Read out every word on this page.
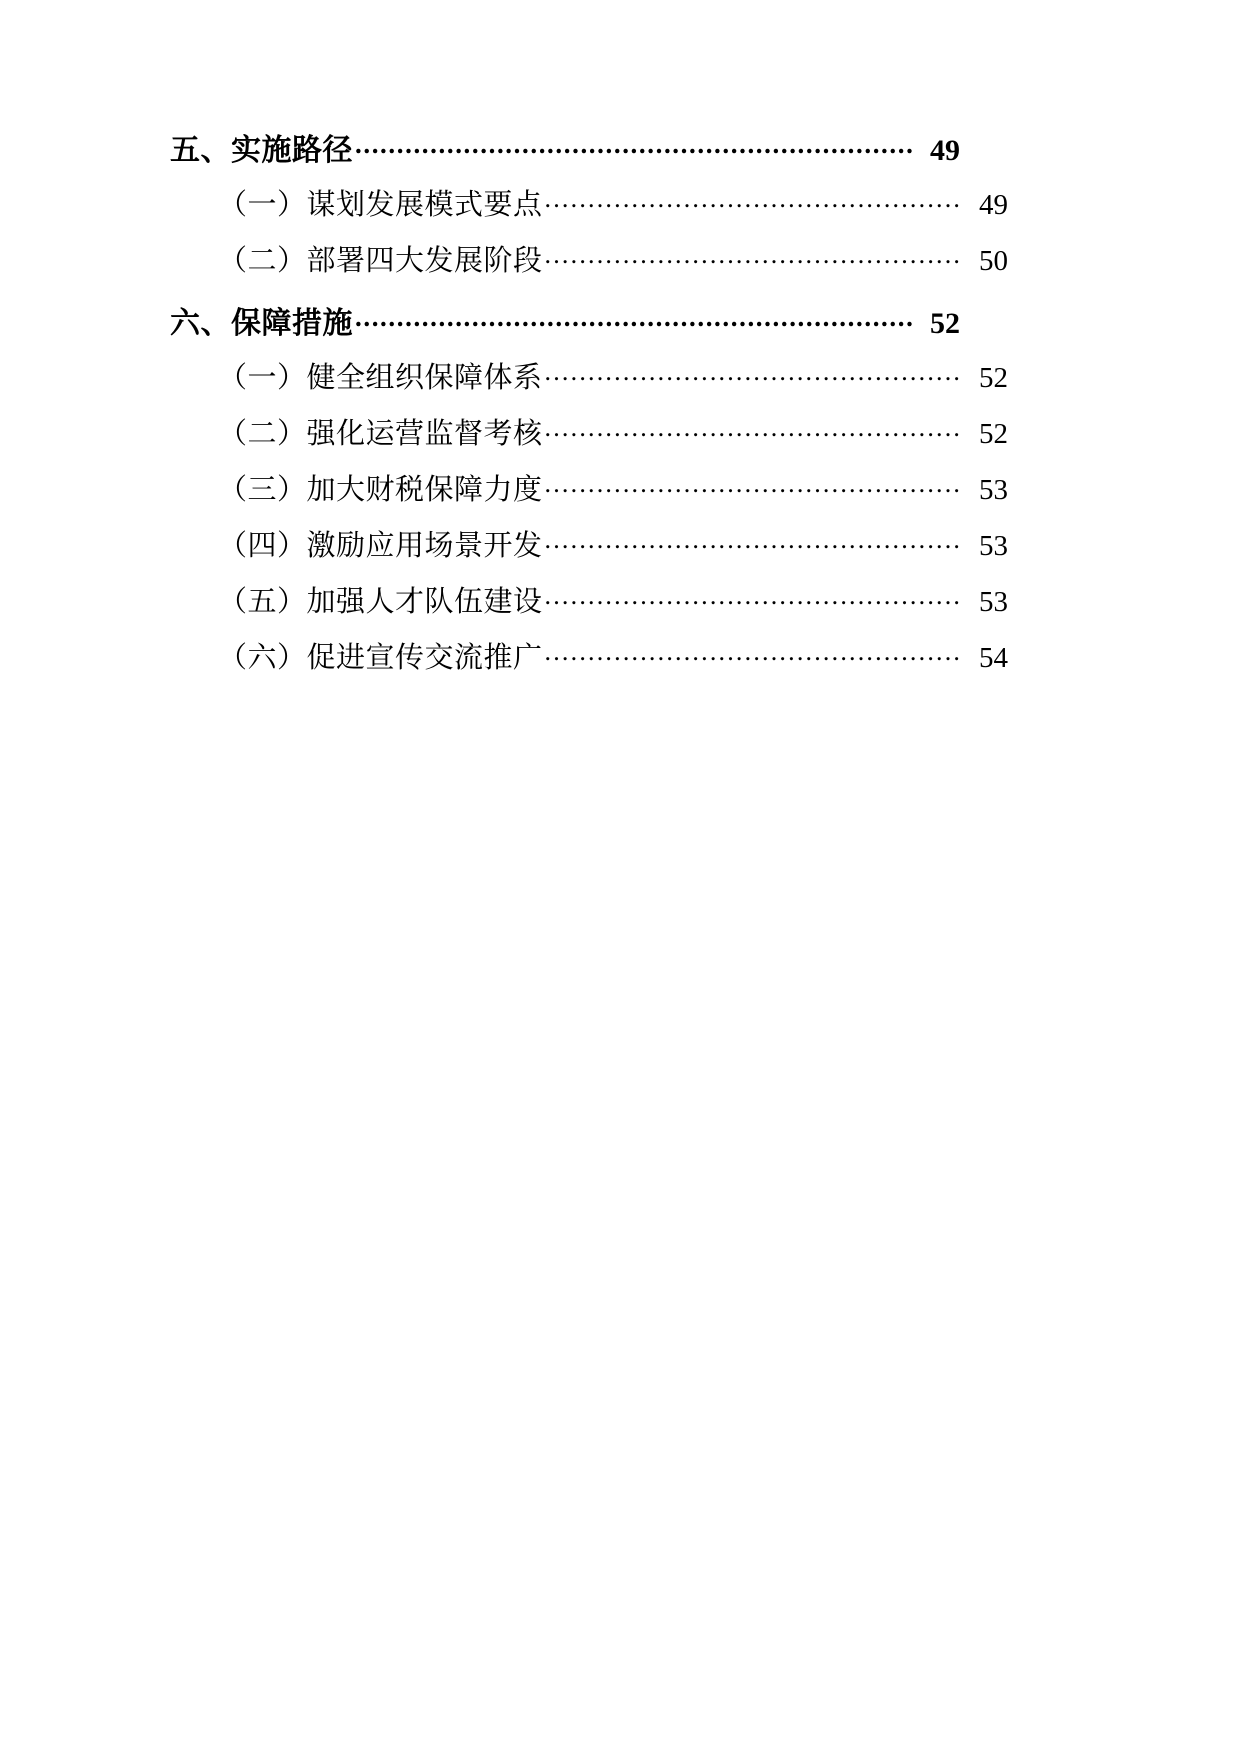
五、实施路径 .....	49
（一）谋划发展模式要点 .....	49
（二）部署四大发展阶段 .....	50
六、保障措施 .....	52
（一）健全组织保障体系 .....	52
（二）强化运营监督考核 .....	52
（三）加大财税保障力度 .....	53
（四）激励应用场景开发 .....	53
（五）加强人才队伍建设 .....	53
（六）促进宣传交流推广 .....	54
